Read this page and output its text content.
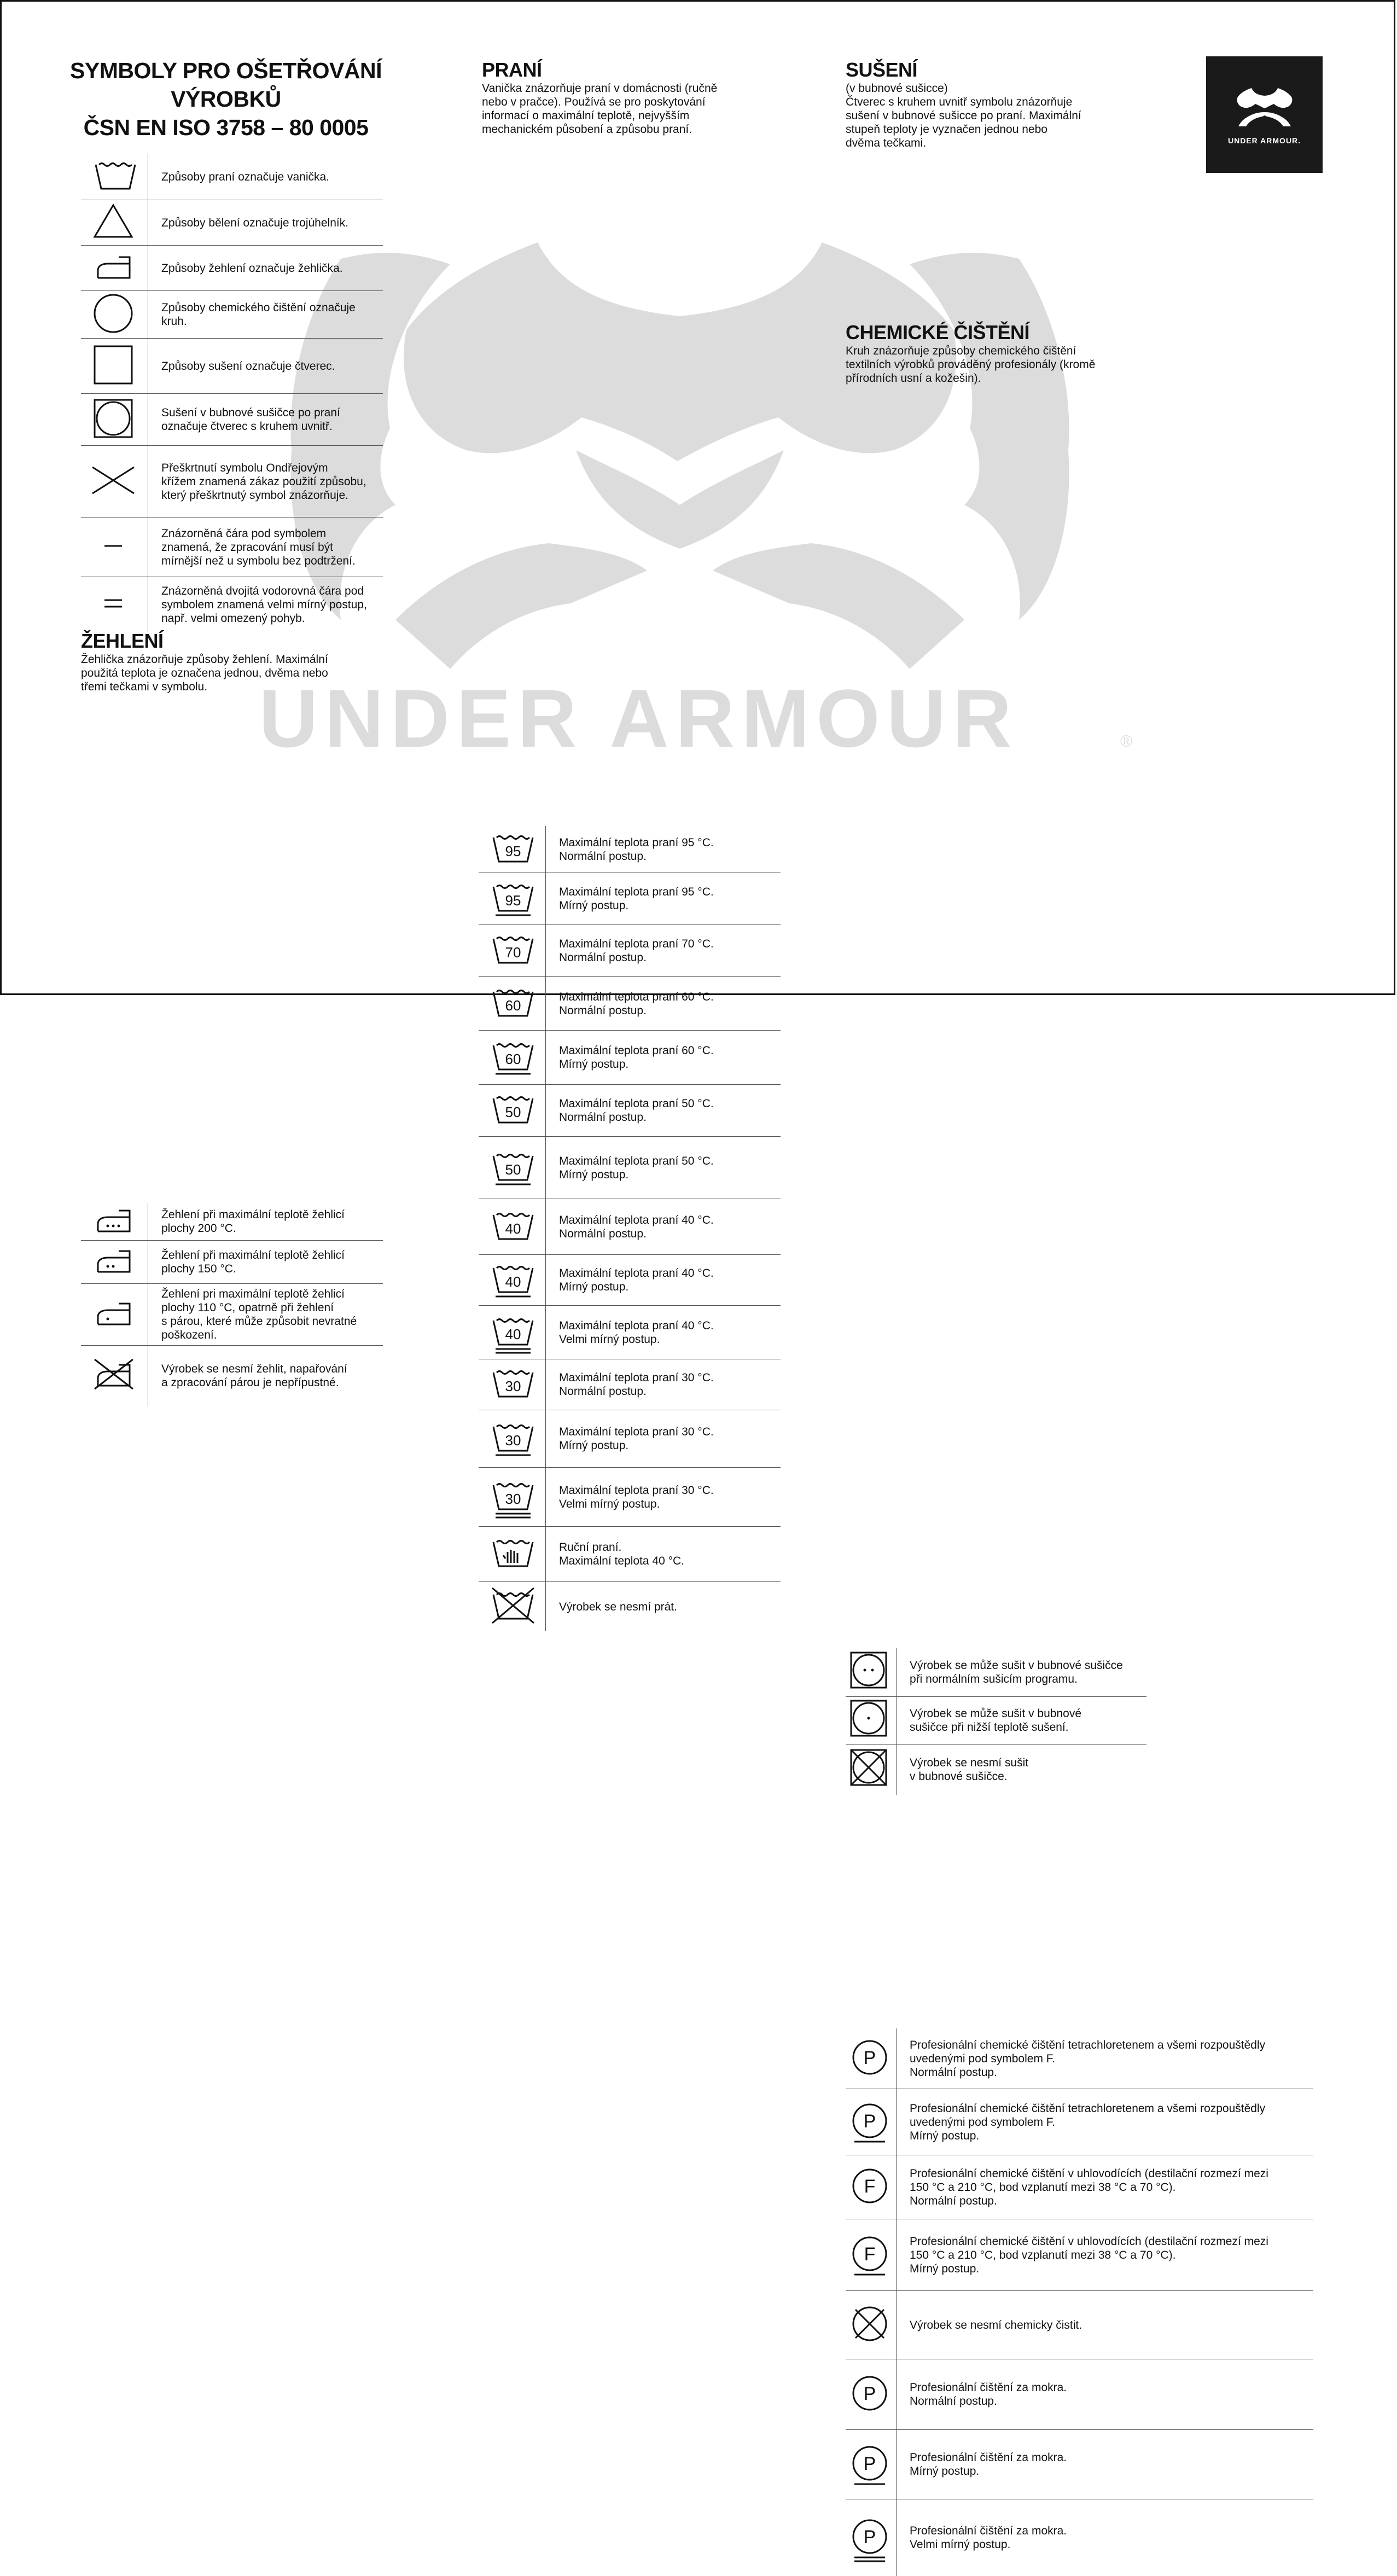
UNDER ARMOUR	®
UNDER ARMOUR.
SYMBOLY PRO OŠETŘOVÁNÍ VÝROBKŮ
ČSN EN ISO 3758 – 80 0005
Způsoby praní označuje vanička.
Způsoby bělení označuje trojúhelník.
Způsoby žehlení označuje žehlička.
Způsoby chemického čištění označuje
kruh.
Způsoby sušení označuje čtverec.
Sušení v bubnové sušičce po praní
označuje čtverec s kruhem uvnitř.
Přeškrtnutí symbolu Ondřejovým
křížem znamená zákaz použití způsobu,
který přeškrtnutý symbol znázorňuje.
Znázorněná čára pod symbolem
znamená, že zpracování musí být
mírnější než u symbolu bez podtržení.
Znázorněná dvojitá vodorovná čára pod
symbolem znamená velmi mírný postup,
např. velmi omezený pohyb.
ŽEHLENÍ
Žehlička znázorňuje způsoby žehlení. Maximální
použitá teplota je označena jednou, dvěma nebo
třemi tečkami v symbolu.
Žehlení při maximální teplotě žehlicí
plochy 200 °C.
Žehlení při maximální teplotě žehlicí
plochy 150 °C.
Žehlení pri maximální teplotě žehlicí
plochy 110 °C, opatrně při žehlení
s párou, které může způsobit nevratné
poškození.
Výrobek se nesmí žehlit, napařování
a zpracování párou je nepřípustné.
PRANÍ
Vanička znázorňuje praní v domácnosti (ručně
nebo v pračce). Používá se pro poskytování
informací o maximální teplotě, nejvyšším
mechanickém působení a způsobu praní.
95
Maximální teplota praní 95 °C.
Normální postup.
95
Maximální teplota praní 95 °C.
Mírný postup.
70
Maximální teplota praní 70 °C.
Normální postup.
60
Maximální teplota praní 60 °C.
Normální postup.
60
Maximální teplota praní 60 °C.
Mírný postup.
50
Maximální teplota praní 50 °C.
Normální postup.
50
Maximální teplota praní 50 °C.
Mírný postup.
40
Maximální teplota praní 40 °C.
Normální postup.
40
Maximální teplota praní 40 °C.
Mírný postup.
40
Maximální teplota praní 40 °C.
Velmi mírný postup.
30
Maximální teplota praní 30 °C.
Normální postup.
30
Maximální teplota praní 30 °C.
Mírný postup.
30
Maximální teplota praní 30 °C.
Velmi mírný postup.
Ruční praní.
Maximální teplota 40 °C.
Výrobek se nesmí prát.
SUŠENÍ
(v bubnové sušicce)
Čtverec s kruhem uvnitř symbolu znázorňuje
sušení v bubnové sušicce po praní. Maximální
stupeň teploty je vyznačen jednou nebo
dvěma tečkami.
Výrobek se může sušit v bubnové sušičce
při normálním sušicím programu.
Výrobek se může sušit v bubnové
sušičce při nižší teplotě sušení.
Výrobek se nesmí sušit
v bubnové sušičce.
CHEMICKÉ ČIŠTĚNÍ
Kruh znázorňuje způsoby chemického čištění
textilních výrobků prováděný profesionály (kromě
přírodních usní a kožešin).
P
Profesionální chemické čištění tetrachloretenem a všemi rozpouštědly
uvedenými pod symbolem F.
Normální postup.
P
Profesionální chemické čištění tetrachloretenem a všemi rozpouštědly
uvedenými pod symbolem F.
Mírný postup.
F
Profesionální chemické čištění v uhlovodících (destilační rozmezí mezi
150 °C a 210 °C, bod vzplanutí mezi 38 °C a 70 °C).
Normální postup.
F
Profesionální chemické čištění v uhlovodících (destilační rozmezí mezi
150 °C a 210 °C, bod vzplanutí mezi 38 °C a 70 °C).
Mírný postup.
Výrobek se nesmí chemicky čistit.
P	Profesionální čištění za mokra.
Normální postup.
P	Profesionální čištění za mokra.
Mírný postup.
P	Profesionální čištění za mokra.
Velmi mírný postup.
